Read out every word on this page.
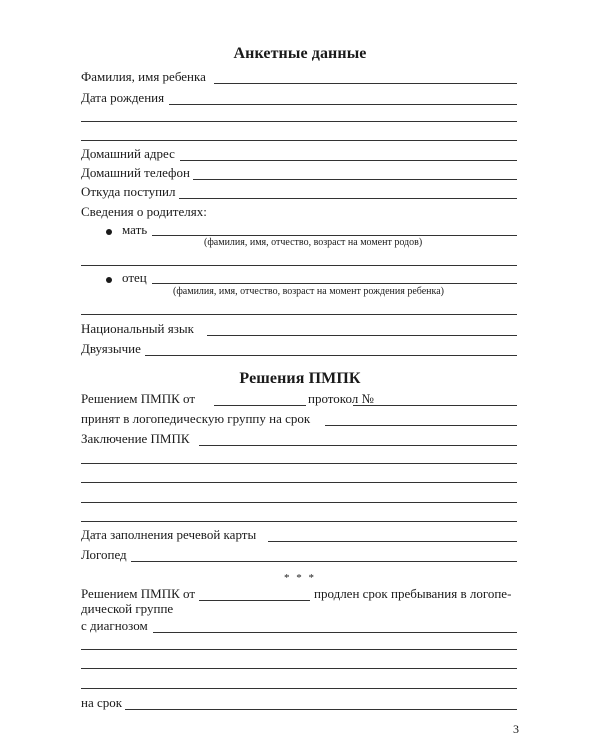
Анкетные данные
Фамилия, имя ребенка
Дата рождения
Домашний адрес
Домашний телефон
Откуда поступил
Сведения о родителях:
мать
(фамилия, имя, отчество, возраст на момент родов)
отец
(фамилия, имя, отчество, возраст на момент рождения ребенка)
Национальный язык
Двуязычие
Решения ПМПК
Решением ПМПК от	протокол №
принят в логопедическую группу на срок
Заключение ПМПК
Дата заполнения речевой карты
Логопед
* * *
Решением ПМПК от	продлен срок пребывания в логопе-
дической группе
с диагнозом
на срок
3
